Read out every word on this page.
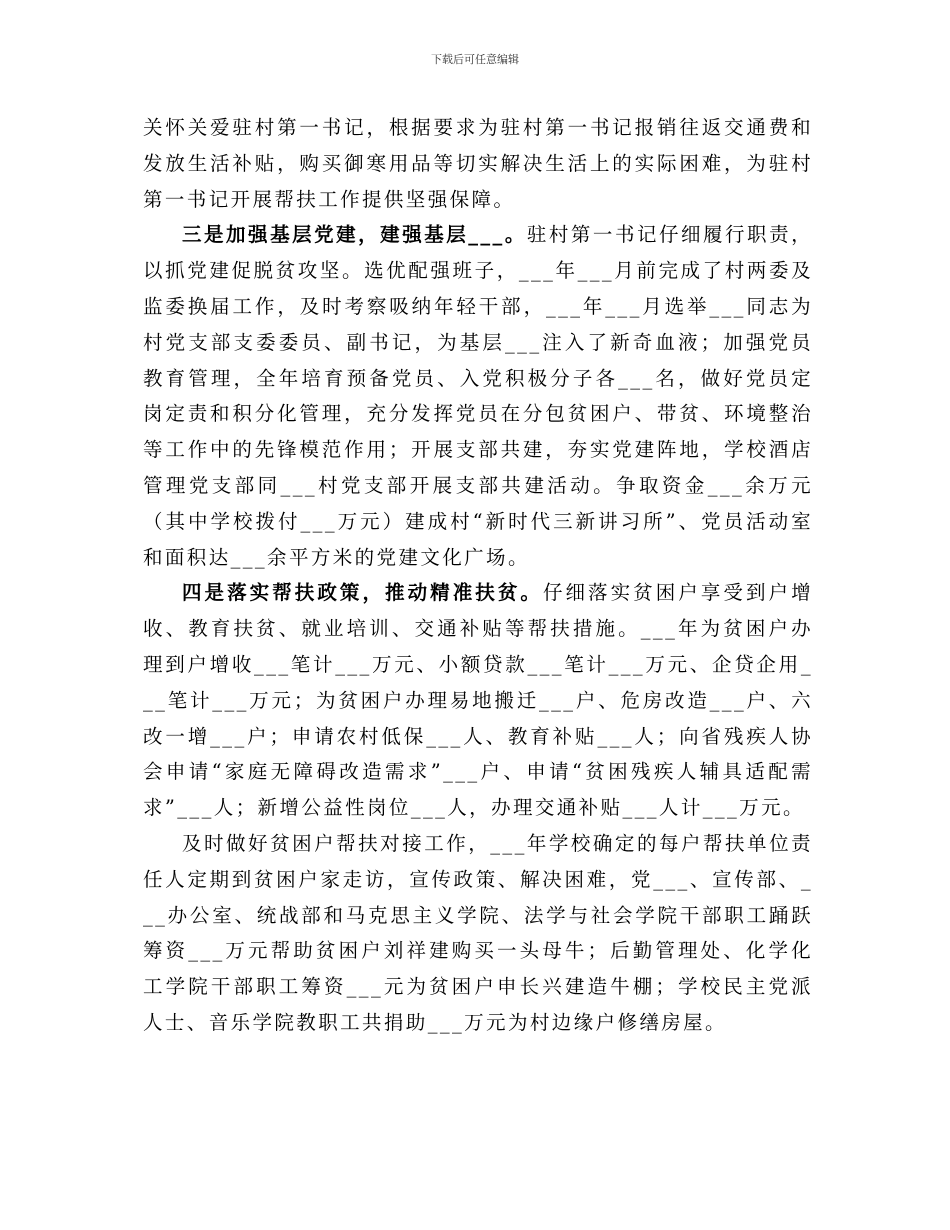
下载后可任意编辑

关怀关爱驻村第一书记，根据要求为驻村第一书记报销往返交通费和发放生活补贴，购买御寒用品等切实解决生活上的实际困难，为驻村第一书记开展帮扶工作提供坚强保障。

三是加强基层党建，建强基层___。驻村第一书记仔细履行职责，以抓党建促脱贫攻坚。选优配强班子，___年___月前完成了村两委及监委换届工作，及时考察吸纳年轻干部，___年___月选举___同志为村党支部支委委员、副书记，为基层___注入了新奇血液；加强党员教育管理，全年培育预备党员、入党积极分子各___名，做好党员定岗定责和积分化管理，充分发挥党员在分包贫困户、带贫、环境整治等工作中的先锋模范作用；开展支部共建，夯实党建阵地，学校酒店管理党支部同___村党支部开展支部共建活动。争取资金___余万元（其中学校拨付___万元）建成村“新时代三新讲习所”、党员活动室和面积达___余平方米的党建文化广场。

四是落实帮扶政策，推动精准扶贫。仔细落实贫困户享受到户增收、教育扶贫、就业培训、交通补贴等帮扶措施。___年为贫困户办理到户增收___笔计___万元、小额贷款___笔计___万元、企贷企用___笔计___万元；为贫困户办理易地搬迁___户、危房改造___户、六改一增___户；申请农村低保___人、教育补贴___人；向省残疾人协会申请“家庭无障碍改造需求”___户、申请“贫困残疾人辅具适配需求”___人；新增公益性岗位___人，办理交通补贴___人计___万元。

及时做好贫困户帮扶对接工作，___年学校确定的每户帮扶单位责任人定期到贫困户家走访，宣传政策、解决困难，党___、宣传部、___办公室、统战部和马克思主义学院、法学与社会学院干部职工踊跃筹资___万元帮助贫困户刘祥建购买一头母牛；后勤管理处、化学化工学院干部职工筹资___元为贫困户申长兴建造牛棚；学校民主党派人士、音乐学院教职工共捐助___万元为村边缘户修缮房屋。
